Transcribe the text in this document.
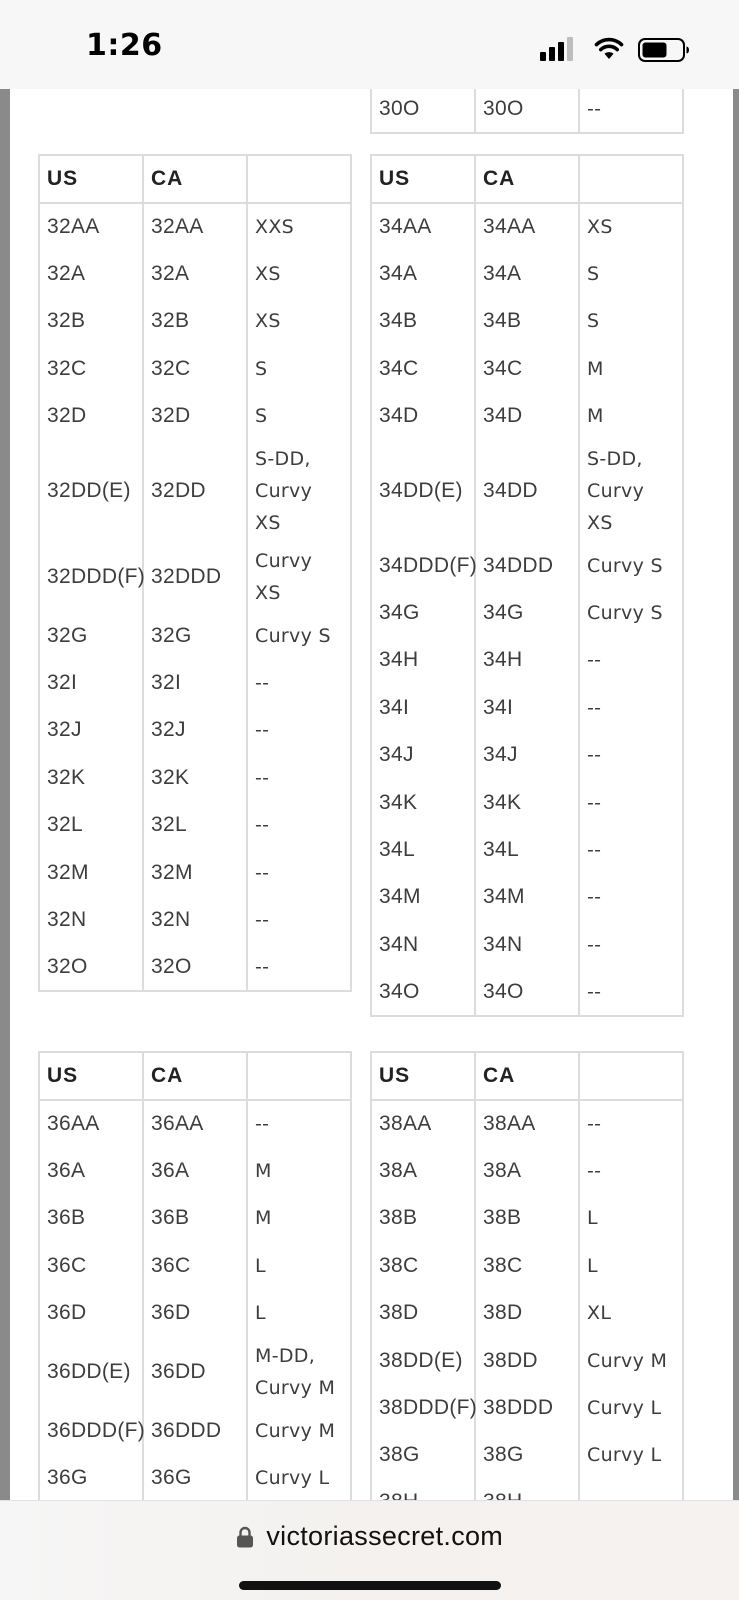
1:26
30O	30O	--
US	CA	
32AA	32AA	XXS
32A	32A	XS
32B	32B	XS
32C	32C	S
32D	32D	S
32DD(E)	32DD	S-DD, Curvy XS
32DDD(F)	32DDD	Curvy XS
32G	32G	Curvy S
32I	32I	--
32J	32J	--
32K	32K	--
32L	32L	--
32M	32M	--
32N	32N	--
32O	32O	--
US	CA	
34AA	34AA	XS
34A	34A	S
34B	34B	S
34C	34C	M
34D	34D	M
34DD(E)	34DD	S-DD, Curvy XS
34DDD(F)	34DDD	Curvy S
34G	34G	Curvy S
34H	34H	--
34I	34I	--
34J	34J	--
34K	34K	--
34L	34L	--
34M	34M	--
34N	34N	--
34O	34O	--
US	CA	
36AA	36AA	--
36A	36A	M
36B	36B	M
36C	36C	L
36D	36D	L
36DD(E)	36DD	M-DD, Curvy M
36DDD(F)	36DDD	Curvy M
36G	36G	Curvy L
US	CA	
38AA	38AA	--
38A	38A	--
38B	38B	L
38C	38C	L
38D	38D	XL
38DD(E)	38DD	Curvy M
38DDD(F)	38DDD	Curvy L
38G	38G	Curvy L

victoriassecret.com
